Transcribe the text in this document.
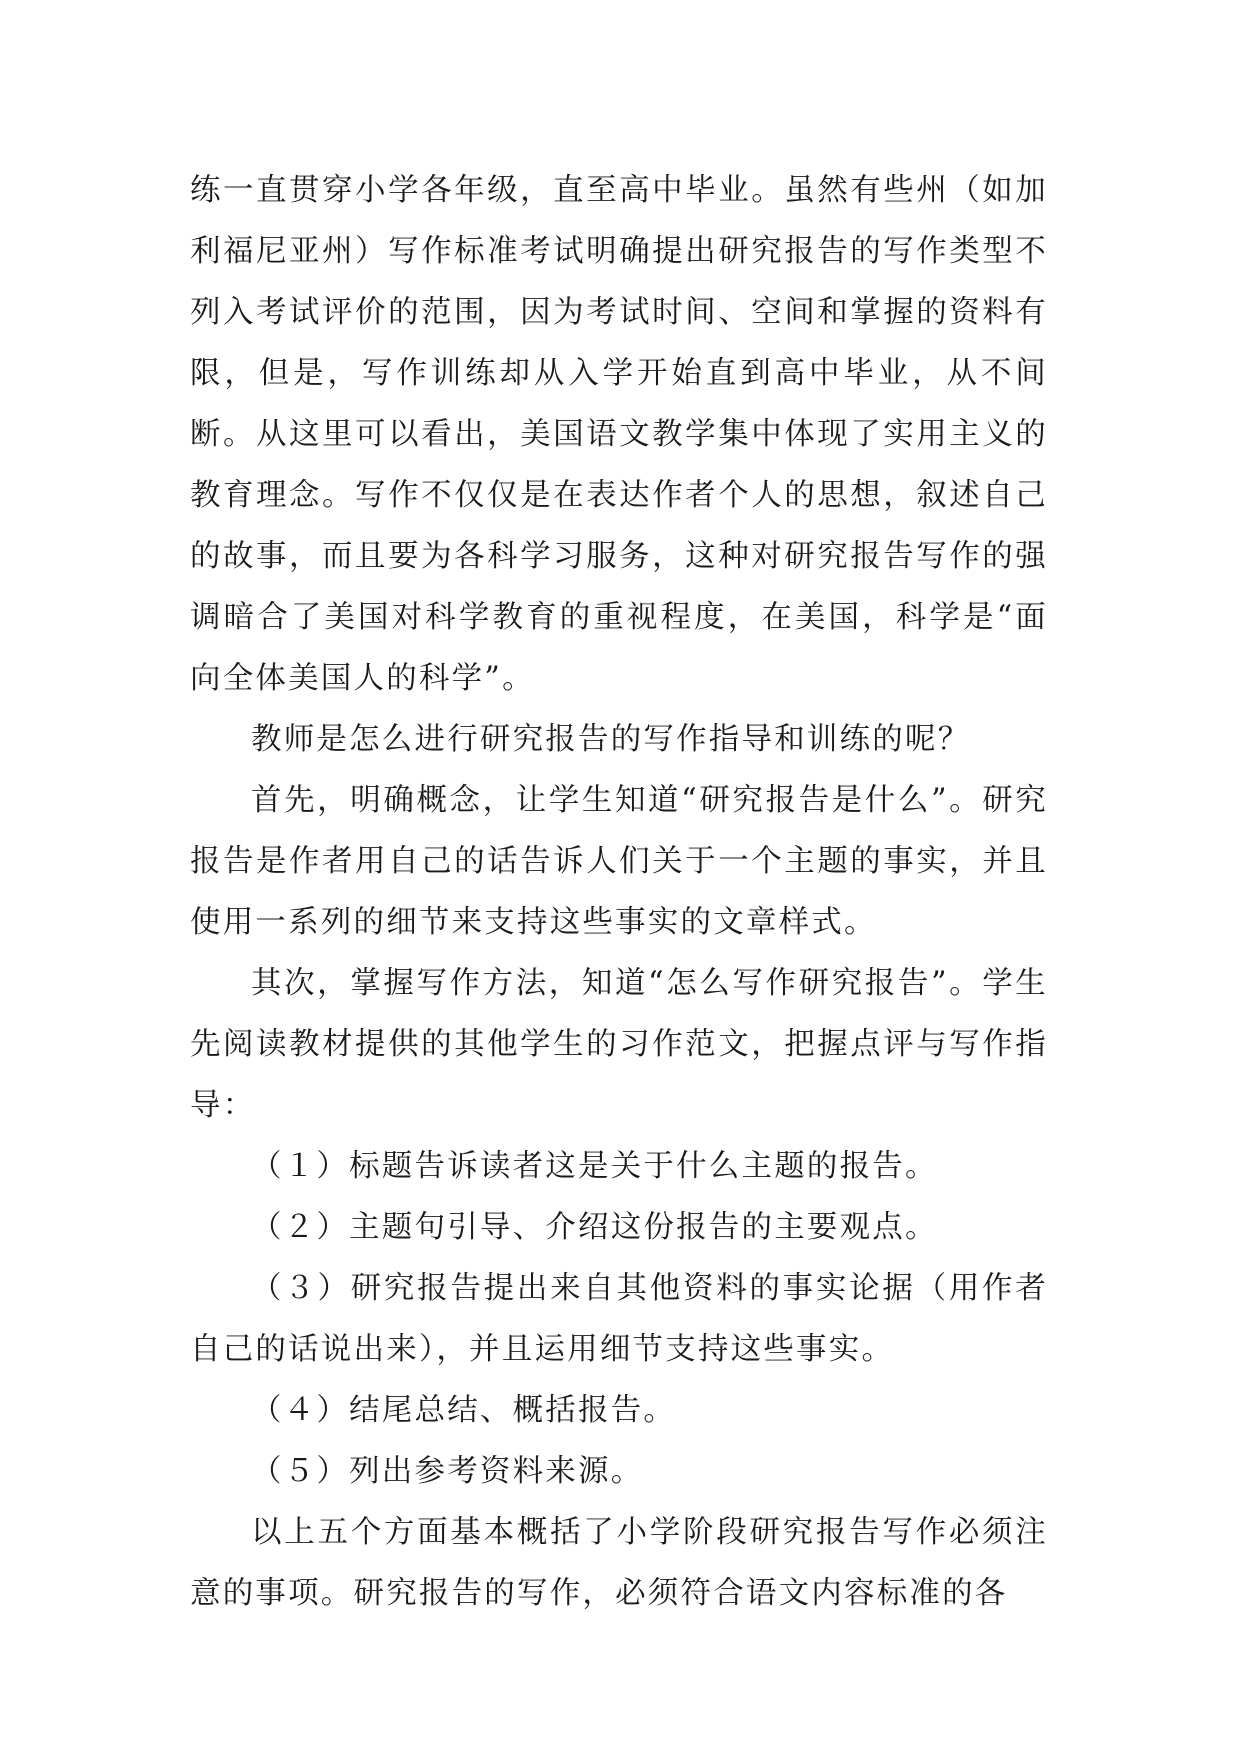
练一直贯穿小学各年级，直至高中毕业。虽然有些州（如加利福尼亚州）写作标准考试明确提出研究报告的写作类型不列入考试评价的范围，因为考试时间、空间和掌握的资料有限，但是，写作训练却从入学开始直到高中毕业，从不间断。从这里可以看出，美国语文教学集中体现了实用主义的教育理念。写作不仅仅是在表达作者个人的思想，叙述自己的故事，而且要为各科学习服务，这种对研究报告写作的强调暗合了美国对科学教育的重视程度，在美国，科学是“面向全体美国人的科学”。

教师是怎么进行研究报告的写作指导和训练的呢？

首先，明确概念，让学生知道“研究报告是什么”。研究报告是作者用自己的话告诉人们关于一个主题的事实，并且使用一系列的细节来支持这些事实的文章样式。

其次，掌握写作方法，知道“怎么写作研究报告”。学生先阅读教材提供的其他学生的习作范文，把握点评与写作指导：

（１）标题告诉读者这是关于什么主题的报告。

（２）主题句引导、介绍这份报告的主要观点。

（３）研究报告提出来自其他资料的事实论据（用作者自己的话说出来），并且运用细节支持这些事实。

（４）结尾总结、概括报告。

（５）列出参考资料来源。

以上五个方面基本概括了小学阶段研究报告写作必须注意的事项。研究报告的写作，必须符合语文内容标准的各
